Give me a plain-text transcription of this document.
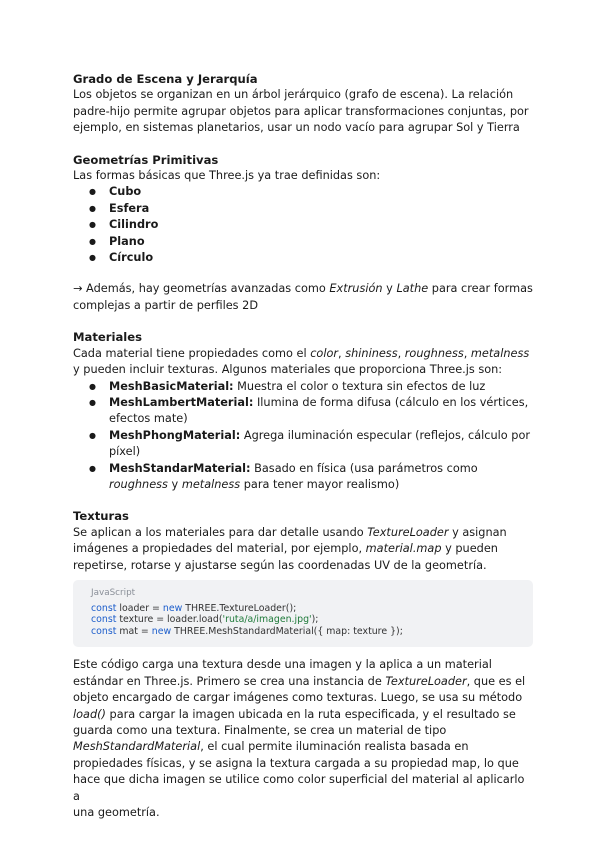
Grado de Escena y Jerarquía

Los objetos se organizan en un árbol jerárquico (grafo de escena). La relación
padre-hijo permite agrupar objetos para aplicar transformaciones conjuntas, por
ejemplo, en sistemas planetarios, usar un nodo vacío para agrupar Sol y Tierra

Geometrías Primitivas

Las formas básicas que Three.js ya trae definidas son:

● Cubo
● Esfera
● Cilindro
● Plano
● Círculo

→ Además, hay geometrías avanzadas como Extrusión y Lathe para crear formas
complejas a partir de perfiles 2D

Materiales

Cada material tiene propiedades como el color, shininess, roughness, metalness
y pueden incluir texturas. Algunos materiales que proporciona Three.js son:

● MeshBasicMaterial: Muestra el color o textura sin efectos de luz
● MeshLambertMaterial: Ilumina de forma difusa (cálculo en los vértices,
efectos mate)
● MeshPhongMaterial: Agrega iluminación especular (reflejos, cálculo por
píxel)
● MeshStandarMaterial: Basado en física (usa parámetros como
roughness y metalness para tener mayor realismo)
Texturas

Se aplican a los materiales para dar detalle usando TextureLoader y asignan
imágenes a propiedades del material, por ejemplo, material.map y pueden
repetirse, rotarse y ajustarse según las coordenadas UV de la geometría.

JavaScript
const loader = new THREE.TextureLoader();
const texture = loader.load('ruta/a/imagen.jpg');
const mat = new THREE.MeshStandardMaterial({ map: texture });

Este código carga una textura desde una imagen y la aplica a un material
estándar en Three.js. Primero se crea una instancia de TextureLoader, que es el
objeto encargado de cargar imágenes como texturas. Luego, se usa su método
load() para cargar la imagen ubicada en la ruta especificada, y el resultado se
guarda como una textura. Finalmente, se crea un material de tipo
MeshStandardMaterial, el cual permite iluminación realista basada en
propiedades físicas, y se asigna la textura cargada a su propiedad map, lo que
hace que dicha imagen se utilice como color superficial del material al aplicarlo a
una geometría.
